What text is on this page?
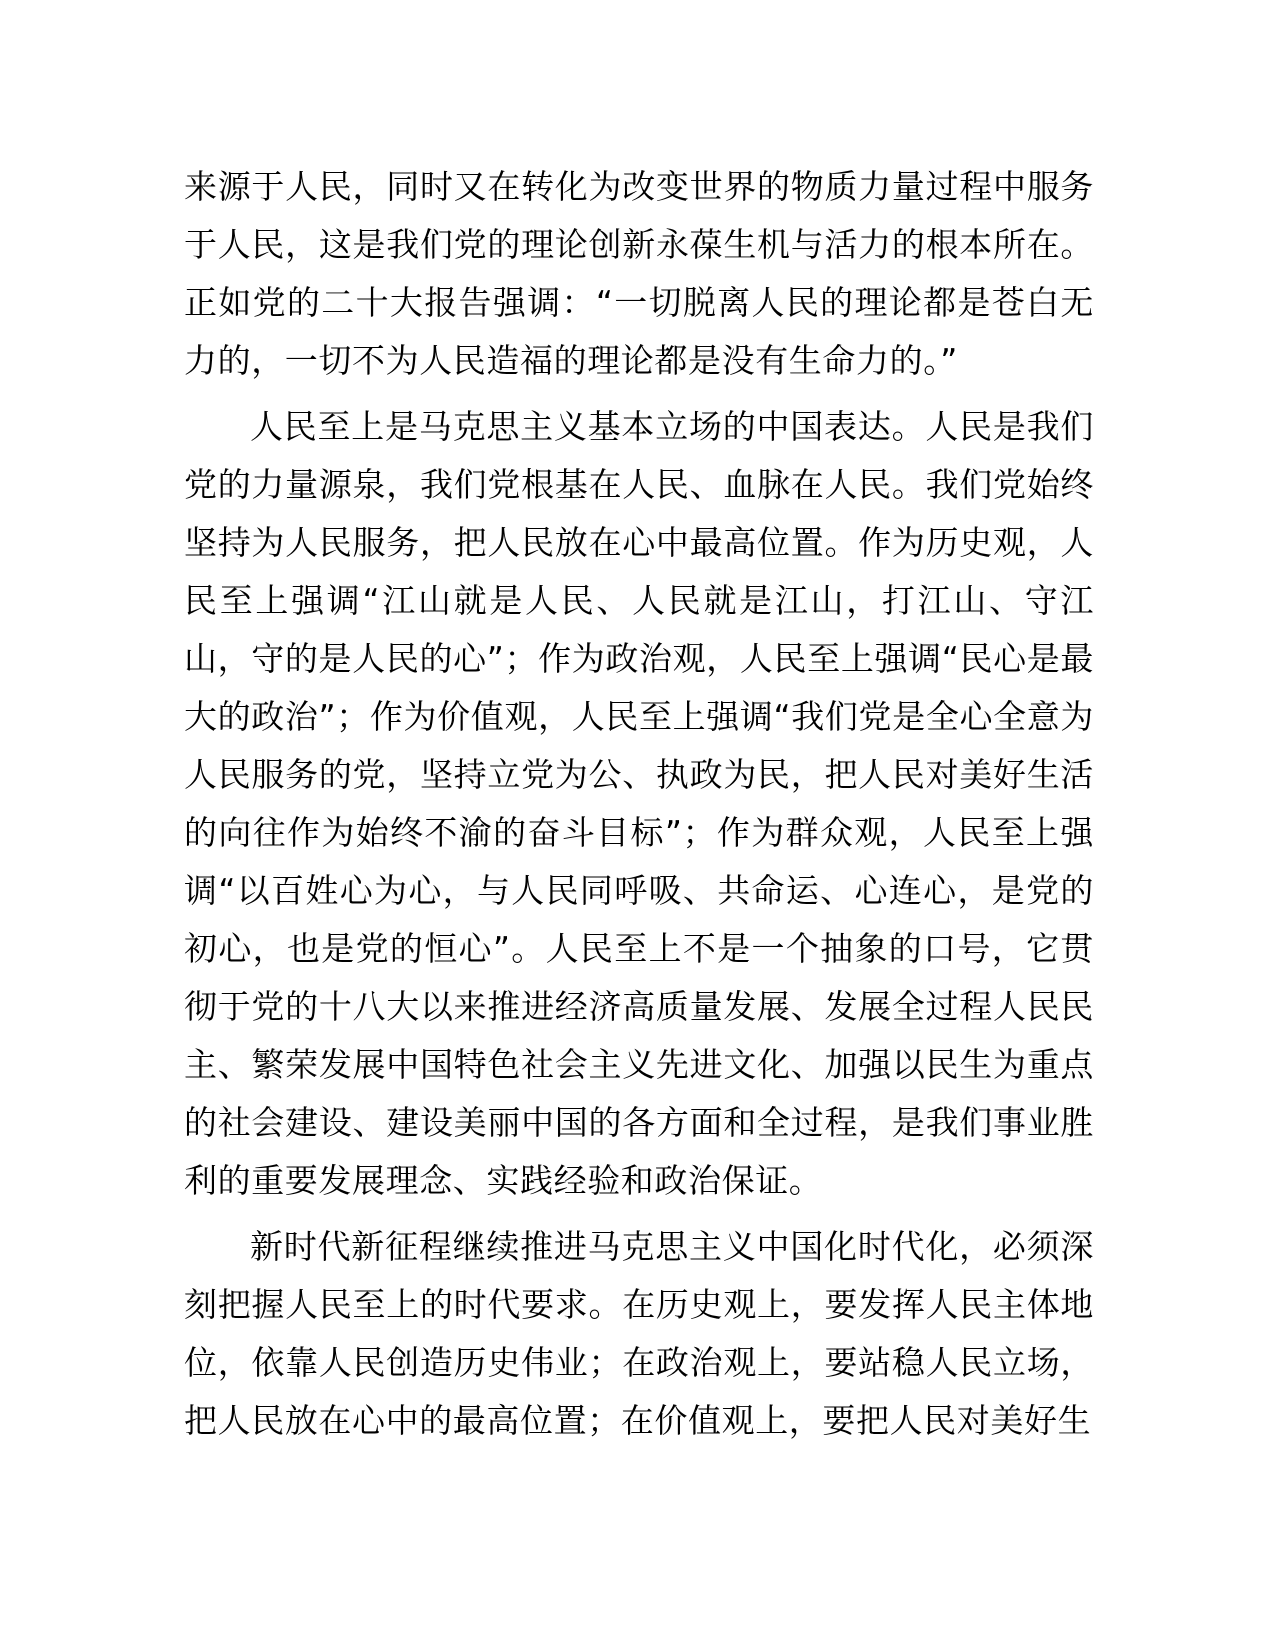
来源于人民，同时又在转化为改变世界的物质力量过程中服务于人民，这是我们党的理论创新永葆生机与活力的根本所在。正如党的二十大报告强调：“一切脱离人民的理论都是苍白无力的，一切不为人民造福的理论都是没有生命力的。”

人民至上是马克思主义基本立场的中国表达。人民是我们党的力量源泉，我们党根基在人民、血脉在人民。我们党始终坚持为人民服务，把人民放在心中最高位置。作为历史观，人民至上强调“江山就是人民、人民就是江山，打江山、守江山，守的是人民的心”；作为政治观，人民至上强调“民心是最大的政治”；作为价值观，人民至上强调“我们党是全心全意为人民服务的党，坚持立党为公、执政为民，把人民对美好生活的向往作为始终不渝的奋斗目标”；作为群众观，人民至上强调“以百姓心为心，与人民同呼吸、共命运、心连心，是党的初心，也是党的恒心”。人民至上不是一个抽象的口号，它贯彻于党的十八大以来推进经济高质量发展、发展全过程人民民主、繁荣发展中国特色社会主义先进文化、加强以民生为重点的社会建设、建设美丽中国的各方面和全过程，是我们事业胜利的重要发展理念、实践经验和政治保证。

新时代新征程继续推进马克思主义中国化时代化，必须深刻把握人民至上的时代要求。在历史观上，要发挥人民主体地位，依靠人民创造历史伟业；在政治观上，要站稳人民立场，把人民放在心中的最高位置；在价值观上，要把人民对美好生
